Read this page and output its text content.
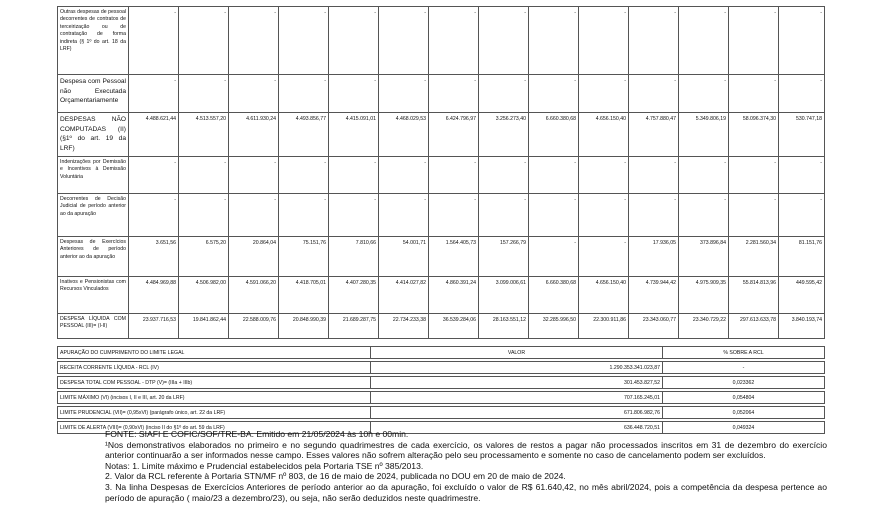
Outras despesas de pessoal decorrentes de contratos de terceirização ou de contratação de forma indireta (§ 1º do art. 18 da LRF)	-	-	-	-	-	-	-	-	-	-	-	-	-	-
Despesa com Pessoal não Executada Orçamentariamente	-	-	-	-	-	-	-	-	-	-	-	-	-	-
DESPESAS NÃO COMPUTADAS (II) (§1º do art. 19 da LRF)	4.488.621,44	4.513.557,20	4.611.930,24	4.493.856,77	4.415.091,01	4.468.029,53	6.424.796,97	3.256.273,40	6.660.380,68	4.656.150,40	4.757.880,47	5.349.806,19	58.096.374,30	530.747,18
Indenizações por Demissão e Incentivos à Demissão Voluntária	-	-	-	-	-	-	-	-	-	-	-	-	-	-
Decorrentes de Decisão Judicial de período anterior ao da apuração	-	-	-	-	-	-	-	-	-	-	-	-	-	-
Despesas de Exercícios Anteriores de período anterior ao da apuração	3.651,56	6.575,20	20.864,04	75.151,76	7.810,66	54.001,71	1.564.405,73	157.266,79	-	-	17.936,05	373.896,84	2.281.560,34	81.151,76
Inativos e Pensionistas com Recursos Vinculados	4.484.969,88	4.506.982,00	4.591.066,20	4.418.705,01	4.407.280,35	4.414.027,82	4.860.391,24	3.099.006,61	6.660.380,68	4.656.150,40	4.739.944,42	4.975.909,35	55.814.813,96	449.595,42
DESPESA LÍQUIDA COM PESSOAL (III)= (I-II)	23.937.716,53	19.841.862,44	22.588.009,76	20.848.990,39	21.689.287,75	22.734.233,38	36.539.284,06	28.163.551,12	32.285.996,50	22.300.911,86	23.343.060,77	23.340.729,22	297.613.633,78	3.840.193,74
APURAÇÃO DO CUMPRIMENTO DO LIMITE LEGAL	VALOR	% SOBRE A RCL

RECEITA CORRENTE LÍQUIDA - RCL (IV)	1.290.353.341.023,87	-

DESPESA TOTAL COM PESSOAL - DTP (V)= (IIIa + IIIb)	301.453.827,52	0,023362

LIMITE MÁXIMO (VI) (incisos I, II e III, art. 20 da LRF)	707.165.245,01	0,054804

LIMITE PRUDENCIAL (VII)= (0,95xVI) (parágrafo único, art. 22 da LRF)	671.806.982,76	0,052064

LIMITE DE ALERTA (VIII)= (0,90xVI) (inciso II do §1º do art. 59 da LRF)	636.448.720,51	0,049324

FONTE: SIAFI E COFIC/SOF/TRE-BA. Emitido em 21/05/2024 às 10h e 00min.

¹Nos demonstrativos elaborados no primeiro e no segundo quadrimestres de cada exercício, os valores de restos a pagar não processados inscritos em 31 de dezembro do exercício anterior continuarão a ser informados nesse campo. Esses valores não sofrem alteração pelo seu processamento e somente no caso de cancelamento podem ser excluídos.

Notas: 1. Limite máximo e Prudencial estabelecidos pela Portaria TSE nº 385/2013.

2. Valor da RCL referente à Portaria STN/MF nº 803, de 16 de maio de 2024, publicada no DOU em 20 de maio de 2024.

3. Na linha Despesas de Exercícios Anteriores de período anterior ao da apuração, foi excluído o valor de R$ 61.640,42, no mês abril/2024, pois a competência da despesa pertence ao período de apuração ( maio/23 a dezembro/23), ou seja, não serão deduzidos neste quadrimestre.
